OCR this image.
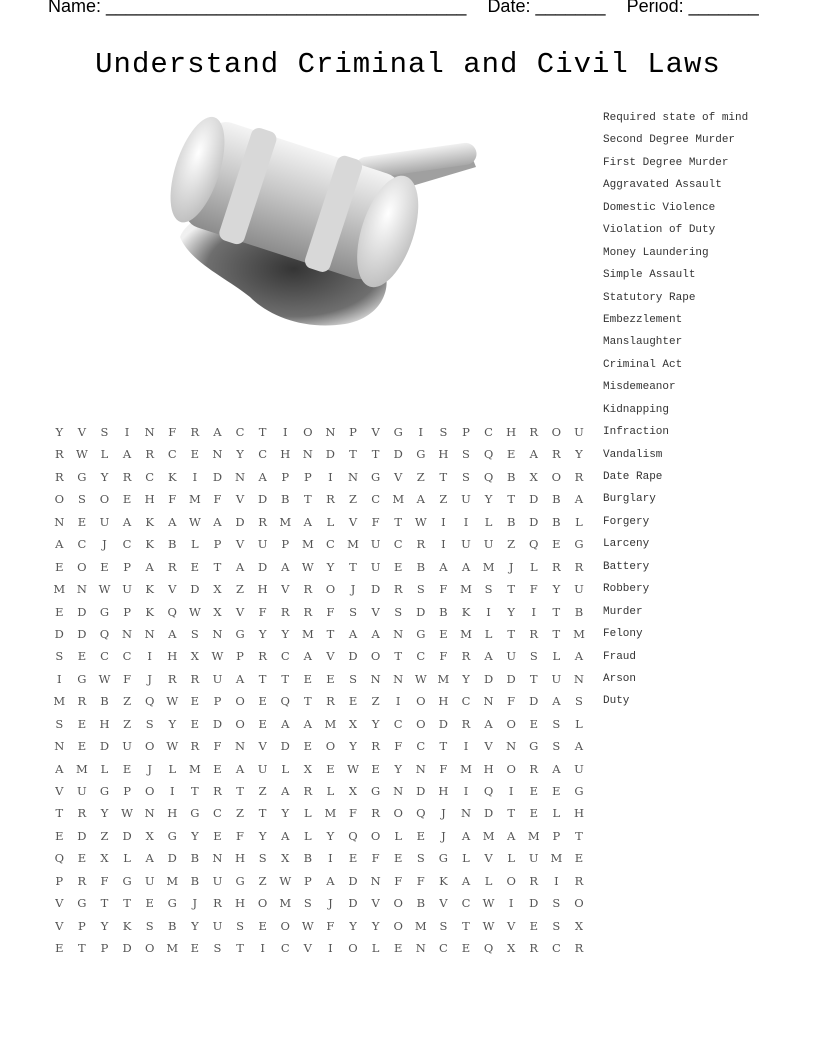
Name: ____________________________________ Date: _______ Period: _______
Understand Criminal and Civil Laws
Required state of mind
Second Degree Murder
First Degree Murder
Aggravated Assault
Domestic Violence
Violation of Duty
Money Laundering
Simple Assault
Statutory Rape
Embezzlement
Manslaughter
Criminal Act
Misdemeanor
Kidnapping
Infraction
Vandalism
Date Rape
Burglary
Forgery
Larceny
Battery
Robbery
Murder
Felony
Fraud
Arson
Duty
Y V S I N F R A C T I O N P V G I S P C H R O U
R W L A R C E N Y C H N D T T D G H S Q E A R Y
R G Y R C K I D N A P P I N G V Z T S Q B X O R
O S O E H F M F V D B T R Z C M A Z U Y T D B A
N E U A K A W A D R M A L V F T W I I L B D B L
A C J C K B L P V U P M C M U C R I U U Z Q E G
E O E P A R E T A D A W Y T U E B A A M J L R R
M N W U K V D X Z H V R O J D R S F M S T F Y U
E D G P K Q W X V F R R F S V S D B K I Y I T B
D D Q N N A S N G Y Y M T A A N G E M L T R T M
S E C C I H X W P R C A V D O T C F R A U S L A
I G W F J R R U A T T E E S N N W M Y D D T U N
M R B Z Q W E P O E Q T R E Z I O H C N F D A S
S E H Z S Y E D O E A A M X Y C O D R A O E S L
N E D U O W R F N V D E O Y R F C T I V N G S A
A M L E J L M E A U L X E W E Y N F M H O R A U
V U G P O I T R T Z A R L X G N D H I Q I E E G
T R Y W N H G C Z T Y L M F R O Q J N D T E L H
E D Z D X G Y E F Y A L Y Q O L E J A M A M P T
Q E X L A D B N H S X B I E F E S G L V L U M E
P R F G U M B U G Z W P A D N F F K A L O R I R
V G T T E G J R H O M S J D V O B V C W I D S O
V P Y K S B Y U S E O W F Y Y O M S T W V E S X
E T P D O M E S T I C V I O L E N C E Q X R C R
